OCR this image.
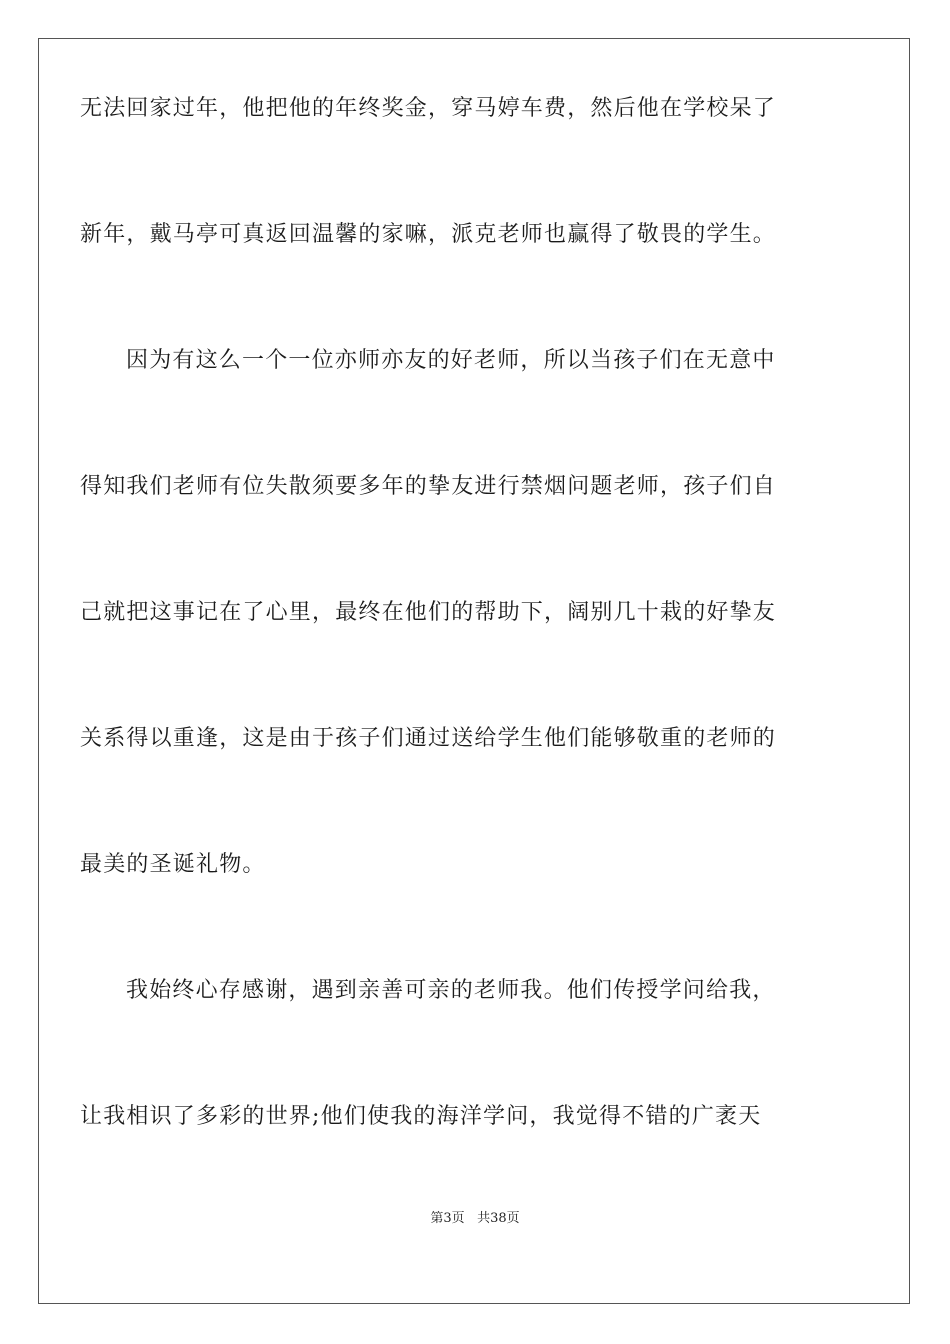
无法回家过年，他把他的年终奖金，穿马婷车费，然后他在学校呆了
新年，戴马亭可真返回温馨的家嘛，派克老师也赢得了敬畏的学生。
因为有这么一个一位亦师亦友的好老师，所以当孩子们在无意中
得知我们老师有位失散须要多年的挚友进行禁烟问题老师，孩子们自
己就把这事记在了心里，最终在他们的帮助下，阔别几十栽的好挚友
关系得以重逢，这是由于孩子们通过送给学生他们能够敬重的老师的
最美的圣诞礼物。
我始终心存感谢，遇到亲善可亲的老师我。他们传授学问给我，
让我相识了多彩的世界;他们使我的海洋学问，我觉得不错的广袤天
第3页 共38页
